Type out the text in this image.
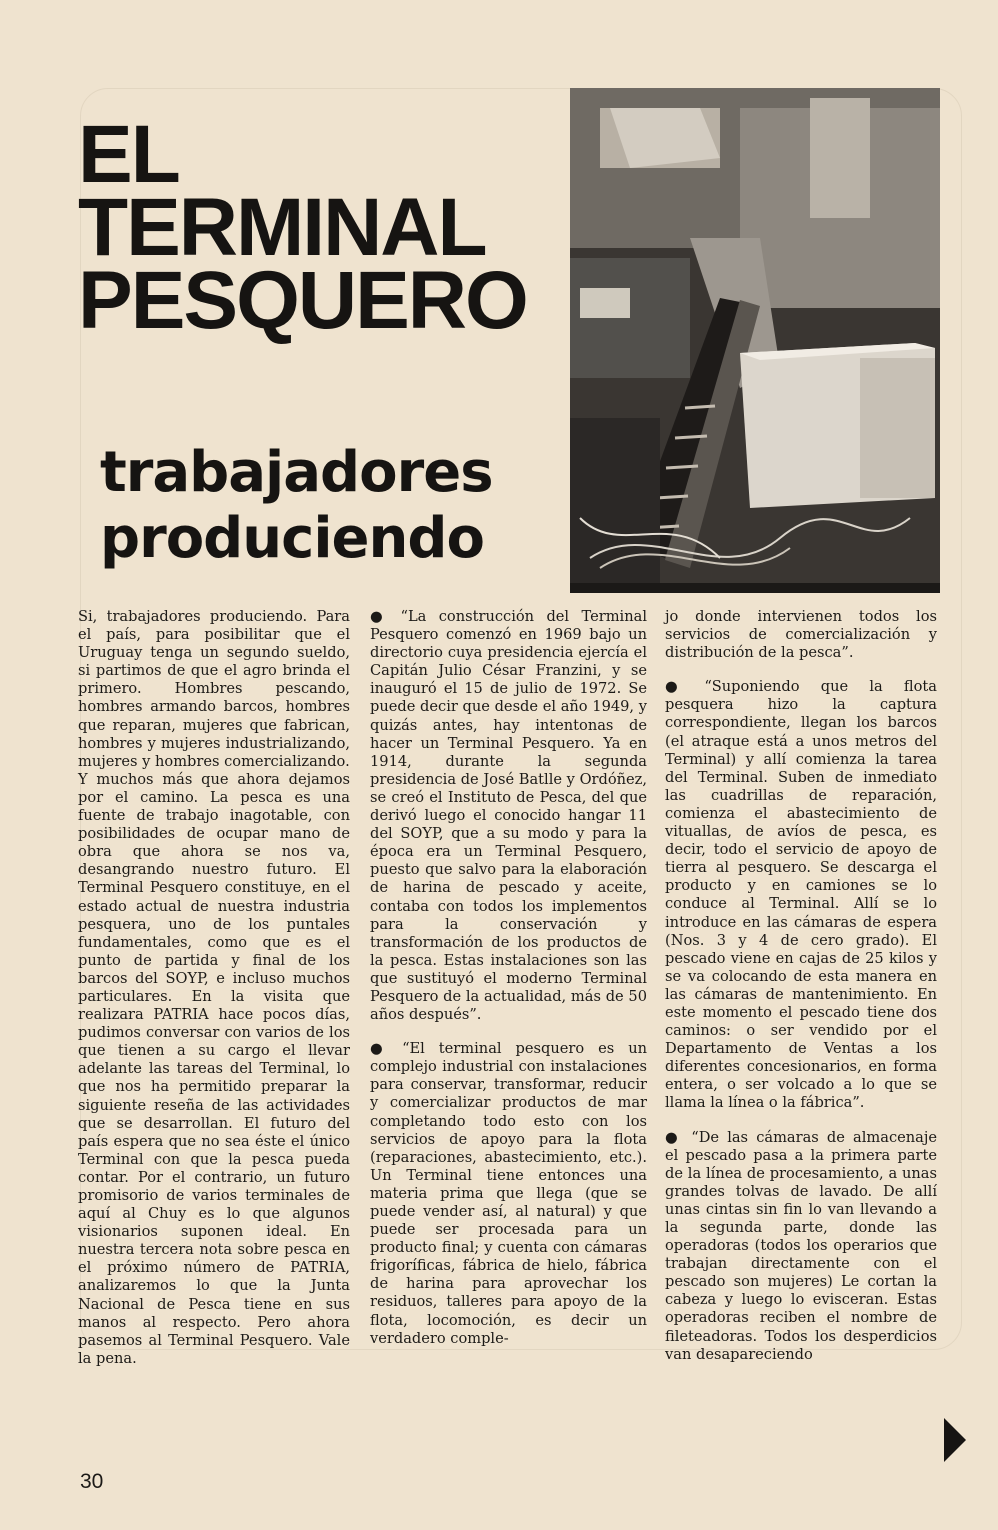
EL

TERMINAL

PESQUERO

trabajadores
produciendo

Si, trabajadores produciendo. Para el país, para posibilitar que el Uruguay tenga un segundo sueldo, si partimos de que el agro brinda el primero. Hombres pescando, hombres armando barcos, hombres que reparan, mujeres que fabrican, hombres y mujeres industrializando, mujeres y hombres comercializando.

Y muchos más que ahora dejamos por el camino. La pesca es una fuente de trabajo inagotable, con posibilidades de ocupar mano de obra que ahora se nos va, desangrando nuestro futuro. El Terminal Pesquero constituye, en el estado actual de nuestra industria pesquera, uno de los puntales fundamentales, como que es el punto de partida y final de los barcos del SOYP, e incluso muchos particulares. En la visita que realizara PATRIA hace pocos días, pudimos conversar con varios de los que tienen a su cargo el llevar adelante las tareas del Terminal, lo que nos ha permitido preparar la siguiente reseña de las actividades que se desarrollan. El futuro del país espera que no sea éste el único Terminal con que la pesca pueda contar. Por el contrario, un futuro promisorio de varios terminales de aquí al Chuy es lo que algunos visionarios suponen ideal. En nuestra tercera nota sobre pesca en el próximo número de PATRIA, analizaremos lo que la Junta Nacional de Pesca tiene en sus manos al respecto. Pero ahora pasemos al Terminal Pesquero. Vale la pena.

● “La construcción del Terminal Pesquero comenzó en 1969 bajo un directorio cuya presidencia ejercía el Capitán Julio César Franzini, y se inauguró el 15 de julio de 1972. Se puede decir que desde el año 1949, y quizás antes, hay intentonas de hacer un Terminal Pesquero. Ya en 1914, durante la segunda presidencia de José Batlle y Ordóñez, se creó el Instituto de Pesca, del que derivó luego el conocido hangar 11 del SOYP, que a su modo y para la época era un Terminal Pesquero, puesto que salvo para la elaboración de harina de pescado y aceite, contaba con todos los implementos para la conservación y transformación de los productos de la pesca. Estas instalaciones son las que sustituyó el moderno Terminal Pesquero de la actualidad, más de 50 años después”.

● “El terminal pesquero es un complejo industrial con instalaciones para conservar, transformar, reducir y comercializar productos de mar completando todo esto con los servicios de apoyo para la flota (reparaciones, abastecimiento, etc.). Un Terminal tiene entonces una materia prima que llega (que se puede vender así, al natural) y que puede ser procesada para un producto final; y cuenta con cámaras frigoríficas, fábrica de hielo, fábrica de harina para aprovechar los residuos, talleres para apoyo de la flota, locomoción, es decir un verdadero comple-

jo donde intervienen todos los servicios de comercialización y distribución de la pesca”.

● “Suponiendo que la flota pesquera hizo la captura correspondiente, llegan los barcos (el atraque está a unos metros del Terminal) y allí comienza la tarea del Terminal. Suben de inmediato las cuadrillas de reparación, comienza el abastecimiento de vituallas, de avíos de pesca, es decir, todo el servicio de apoyo de tierra al pesquero. Se descarga el producto y en camiones se lo conduce al Terminal. Allí se lo introduce en las cámaras de espera (Nos. 3 y 4 de cero grado). El pescado viene en cajas de 25 kilos y se va colocando de esta manera en las cámaras de mantenimiento. En este momento el pescado tiene dos caminos: o ser vendido por el Departamento de Ventas a los diferentes concesionarios, en forma entera, o ser volcado a lo que se llama la línea o la fábrica”.

● “De las cámaras de almacenaje el pescado pasa a la primera parte de la línea de procesamiento, a unas grandes tolvas de lavado. De allí unas cintas sin fin lo van llevando a la segunda parte, donde las operadoras (todos los operarios que trabajan directamente con el pescado son mujeres) Le cortan la cabeza y luego lo evisceran. Estas operadoras reciben el nombre de fileteadoras. Todos los desperdicios van desapareciendo

30
